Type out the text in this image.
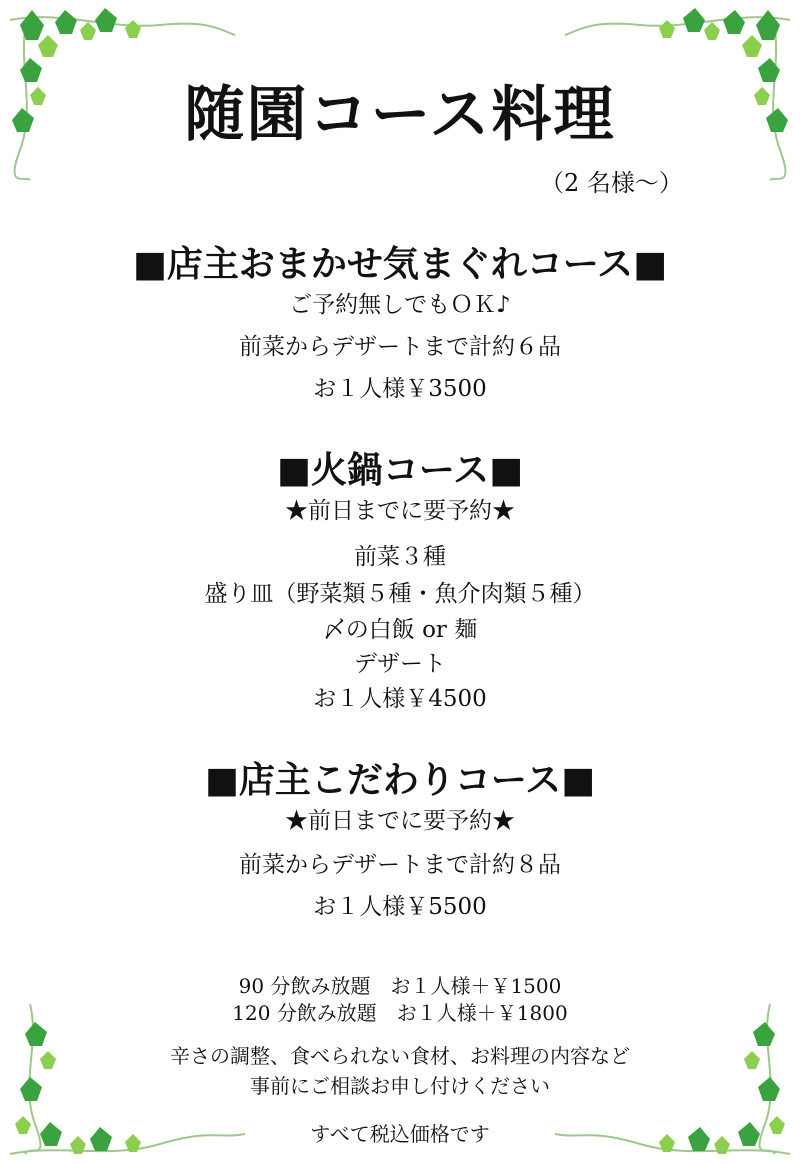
随園コース料理
（2 名様〜）
■店主おまかせ気まぐれコース■
ご予約無しでもＯＫ♪
前菜からデザートまで計約６品
お１人様￥3500
■火鍋コース■
★前日までに要予約★
前菜３種
盛り皿（野菜類５種・魚介肉類５種）
〆の白飯 or 麺
デザート
お１人様￥4500
■店主こだわりコース■
★前日までに要予約★
前菜からデザートまで計約８品
お１人様￥5500
90 分飲み放題　お１人様＋￥1500
120 分飲み放題　お１人様＋￥1800
辛さの調整、食べられない食材、お料理の内容など
事前にご相談お申し付けください
すべて税込価格です
